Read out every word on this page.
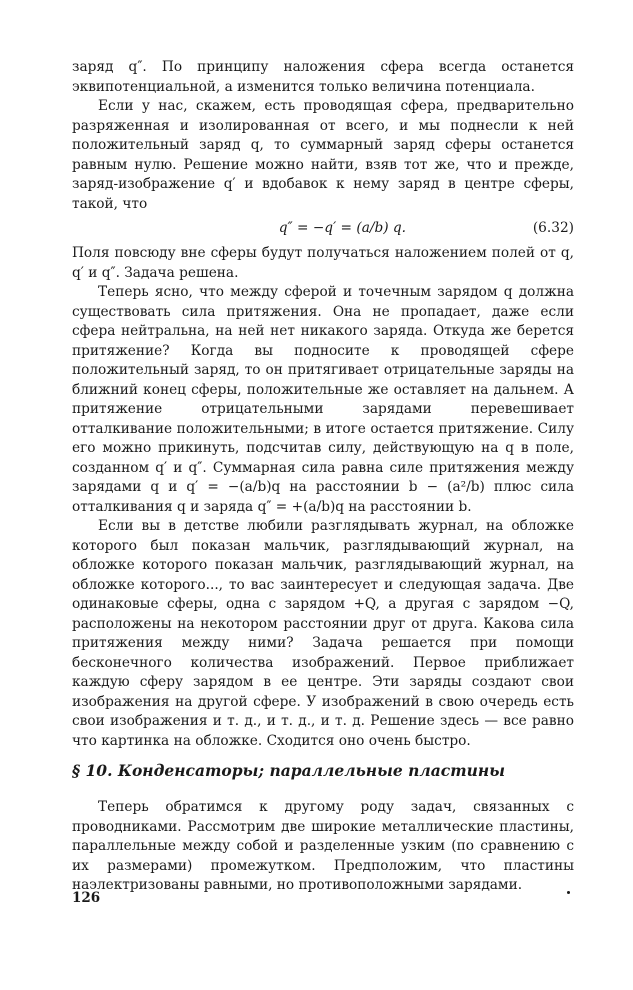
заряд q″. По принципу наложения сфера всегда останется эквипотенциальной, а изменится только величина потенциала.

Если у нас, скажем, есть проводящая сфера, предварительно разряженная и изолированная от всего, и мы поднесли к ней положительный заряд q, то суммарный заряд сферы останется равным нулю. Решение можно найти, взяв тот же, что и прежде, заряд-изображение q′ и вдобавок к нему заряд в центре сферы, такой, что

q″ = −q′ = (a/b) q.	(6.32)

Поля повсюду вне сферы будут получаться наложением полей от q, q′ и q″. Задача решена.

Теперь ясно, что между сферой и точечным зарядом q должна существовать сила притяжения. Она не пропадает, даже если сфера нейтральна, на ней нет никакого заряда. Откуда же берется притяжение? Когда вы подносите к проводящей сфере положительный заряд, то он притягивает отрицательные заряды на ближний конец сферы, положительные же оставляет на дальнем. А притяжение отрицательными зарядами перевешивает отталкивание положительными; в итоге остается притяжение. Силу его можно прикинуть, подсчитав силу, действующую на q в поле, созданном q′ и q″. Суммарная сила равна силе притяжения между зарядами q и q′ = −(a/b)q на расстоянии b − (a²/b) плюс сила отталкивания q и заряда q″ = +(a/b)q на расстоянии b.

Если вы в детстве любили разглядывать журнал, на обложке которого был показан мальчик, разглядывающий журнал, на обложке которого показан мальчик, разглядывающий журнал, на обложке которого..., то вас заинтересует и следующая задача. Две одинаковые сферы, одна с зарядом +Q, а другая с зарядом −Q, расположены на некотором расстоянии друг от друга. Какова сила притяжения между ними? Задача решается при помощи бесконечного количества изображений. Первое приближает каждую сферу зарядом в ее центре. Эти заряды создают свои изображения на другой сфере. У изображений в свою очередь есть свои изображения и т. д., и т. д., и т. д. Решение здесь — все равно что картинка на обложке. Сходится оно очень быстро.

§ 10. Конденсаторы; параллельные пластины

Теперь обратимся к другому роду задач, связанных с проводниками. Рассмотрим две широкие металлические пластины, параллельные между собой и разделенные узким (по сравнению с их размерами) промежутком. Предположим, что пластины наэлектризованы равными, но противоположными зарядами.

126
